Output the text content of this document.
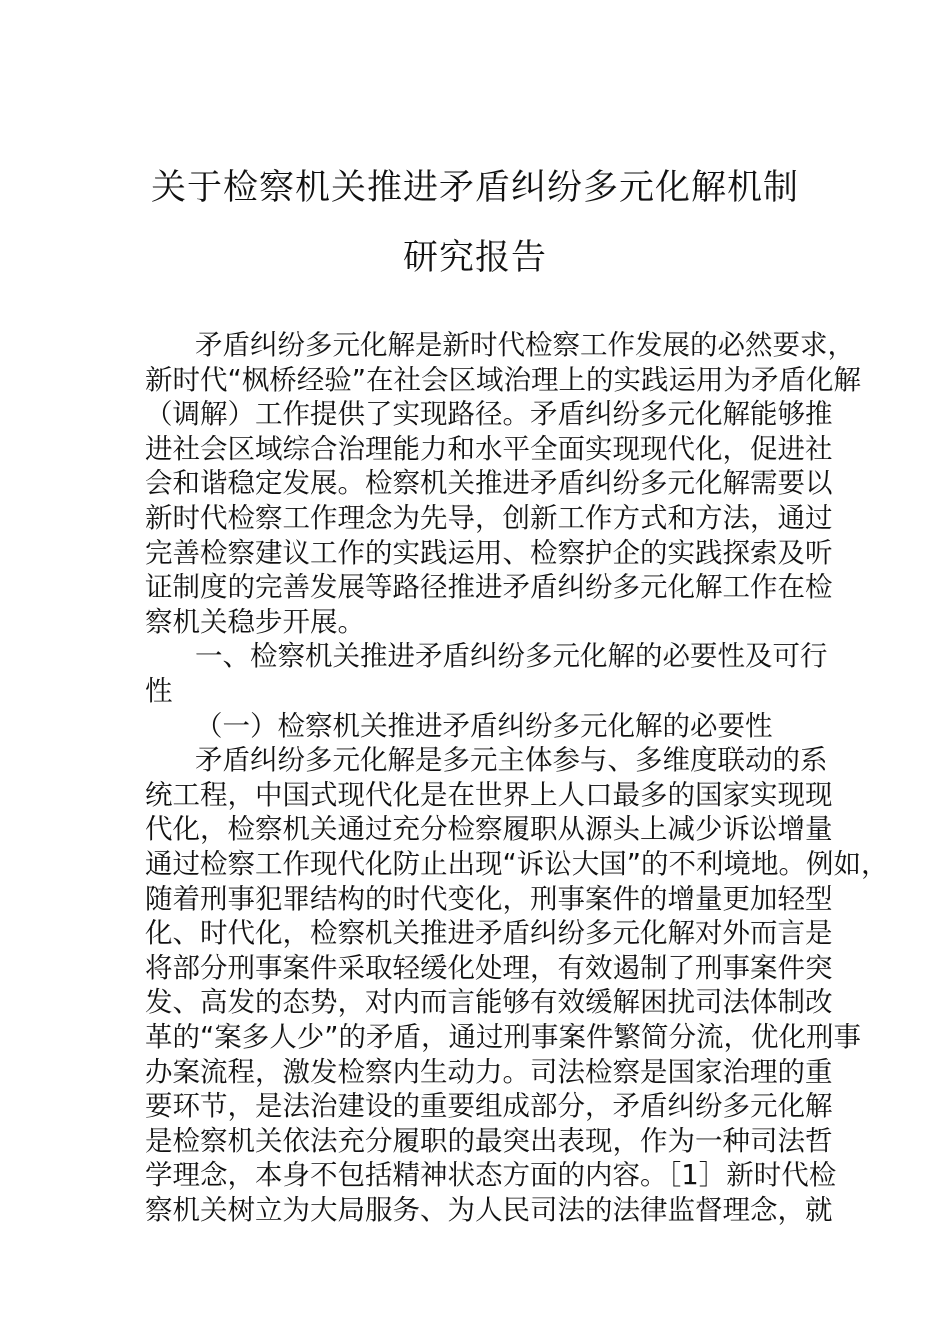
关于检察机关推进矛盾纠纷多元化解机制
研究报告
矛盾纠纷多元化解是新时代检察工作发展的必然要求，
新时代“枫桥经验”在社会区域治理上的实践运用为矛盾化解
（调解）工作提供了实现路径。矛盾纠纷多元化解能够推
进社会区域综合治理能力和水平全面实现现代化，促进社
会和谐稳定发展。检察机关推进矛盾纠纷多元化解需要以
新时代检察工作理念为先导，创新工作方式和方法，通过
完善检察建议工作的实践运用、检察护企的实践探索及听
证制度的完善发展等路径推进矛盾纠纷多元化解工作在检
察机关稳步开展。
一、检察机关推进矛盾纠纷多元化解的必要性及可行
性
（一）检察机关推进矛盾纠纷多元化解的必要性
矛盾纠纷多元化解是多元主体参与、多维度联动的系
统工程，中国式现代化是在世界上人口最多的国家实现现
代化，检察机关通过充分检察履职从源头上减少诉讼增量
通过检察工作现代化防止出现“诉讼大国”的不利境地。例如，
随着刑事犯罪结构的时代变化，刑事案件的增量更加轻型
化、时代化，检察机关推进矛盾纠纷多元化解对外而言是
将部分刑事案件采取轻缓化处理，有效遏制了刑事案件突
发、高发的态势，对内而言能够有效缓解困扰司法体制改
革的“案多人少”的矛盾，通过刑事案件繁简分流，优化刑事
办案流程，激发检察内生动力。司法检察是国家治理的重
要环节，是法治建设的重要组成部分，矛盾纠纷多元化解
是检察机关依法充分履职的最突出表现，作为一种司法哲
学理念，本身不包括精神状态方面的内容。［1］新时代检
察机关树立为大局服务、为人民司法的法律监督理念，就
